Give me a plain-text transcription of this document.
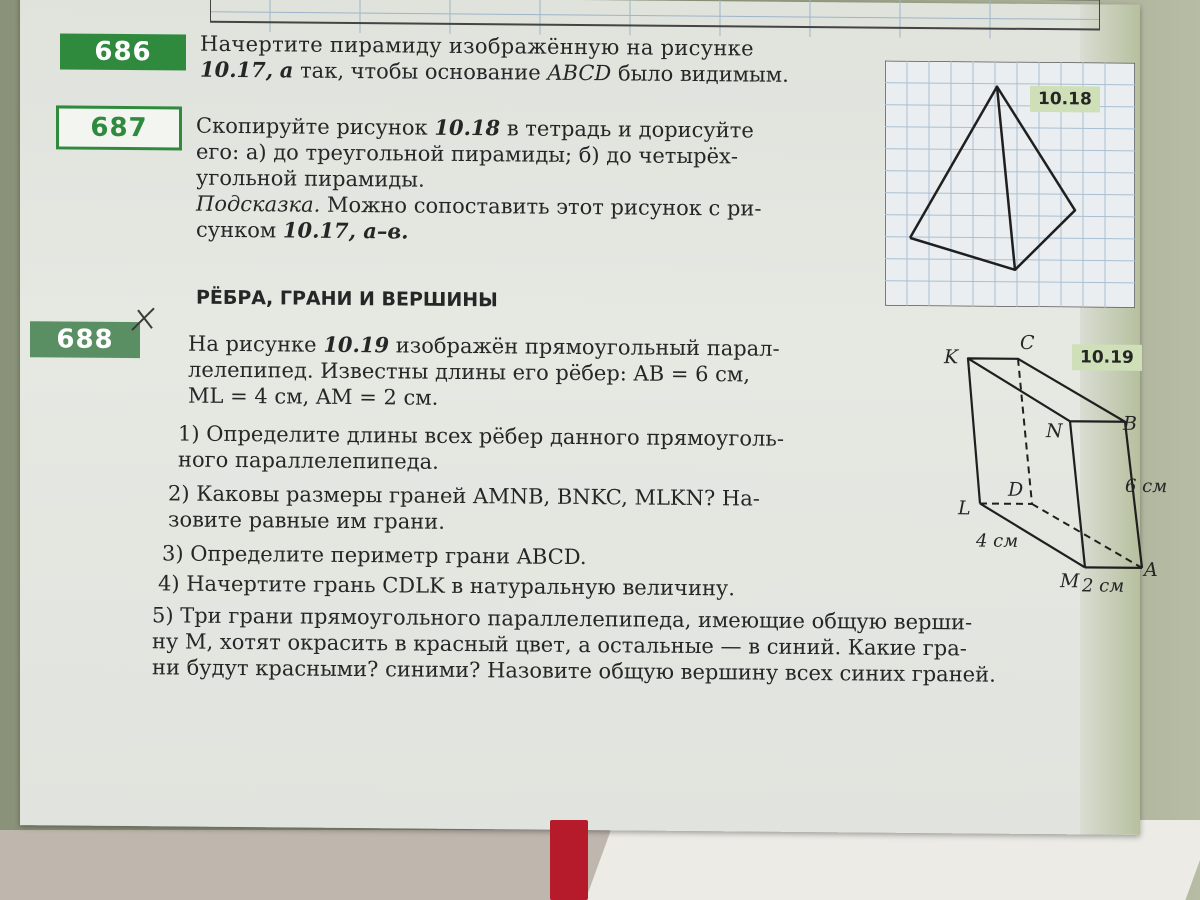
686	Начертите пирамиду изображённую на рисунке
10.17, а так, чтобы основание ABCD было видимым.
687	Скопируйте рисунок 10.18 в тетрадь и дорисуйте
его: а) до треугольной пирамиды; б) до четырёх-
угольной пирамиды.
Подсказка. Можно сопоставить этот рисунок с ри-
сунком 10.17, а–в.
10.18
РЁБРА, ГРАНИ И ВЕРШИНЫ
688	На рисунке 10.19 изображён прямоугольный парал-
лелепипед. Известны длины его рёбер: AB = 6 см,
ML = 4 см, AM = 2 см.
1) Определите длины всех рёбер данного прямоуголь-
ного параллелепипеда.
2) Каковы размеры граней AMNB, BNKC, MLKN? На-
зовите равные им грани.
3) Определите периметр грани ABCD.
4) Начертите грань CDLK в натуральную величину.
5) Три грани прямоугольного параллелепипеда, имеющие общую верши-
ну M, хотят окрасить в красный цвет, а остальные — в синий. Какие гра-
ни будут красными? синими? Назовите общую вершину всех синих граней.
10.19
K
C
N	B
D
L
A
M
6 см
4 см
2 см
